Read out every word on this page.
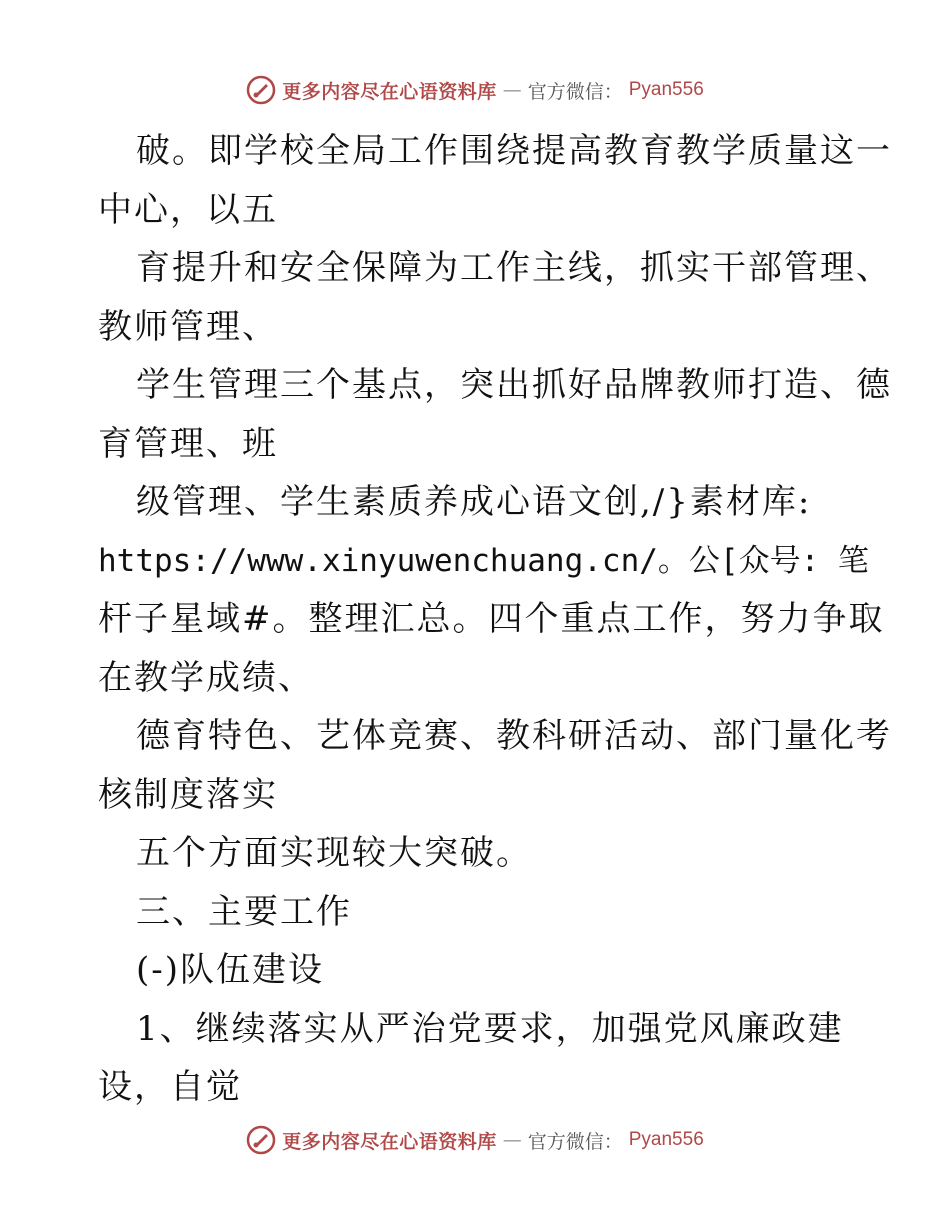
更多内容尽在心语资料库 — 官方微信： Pyan556
破。即学校全局工作围绕提高教育教学质量这一
中心，以五
育提升和安全保障为工作主线，抓实干部管理、
教师管理、
学生管理三个基点，突出抓好品牌教师打造、德
育管理、班
级管理、学生素质养成心语文创,/}素材库:
https://www.xinyuwenchuang.cn/。公[众号: 笔
杆子星域#。整理汇总。四个重点工作，努力争取
在教学成绩、
德育特色、艺体竞赛、教科研活动、部门量化考
核制度落实
五个方面实现较大突破。
三、主要工作
(-)队伍建设
1、继续落实从严治党要求，加强党风廉政建
设，自觉
更多内容尽在心语资料库 — 官方微信： Pyan556
